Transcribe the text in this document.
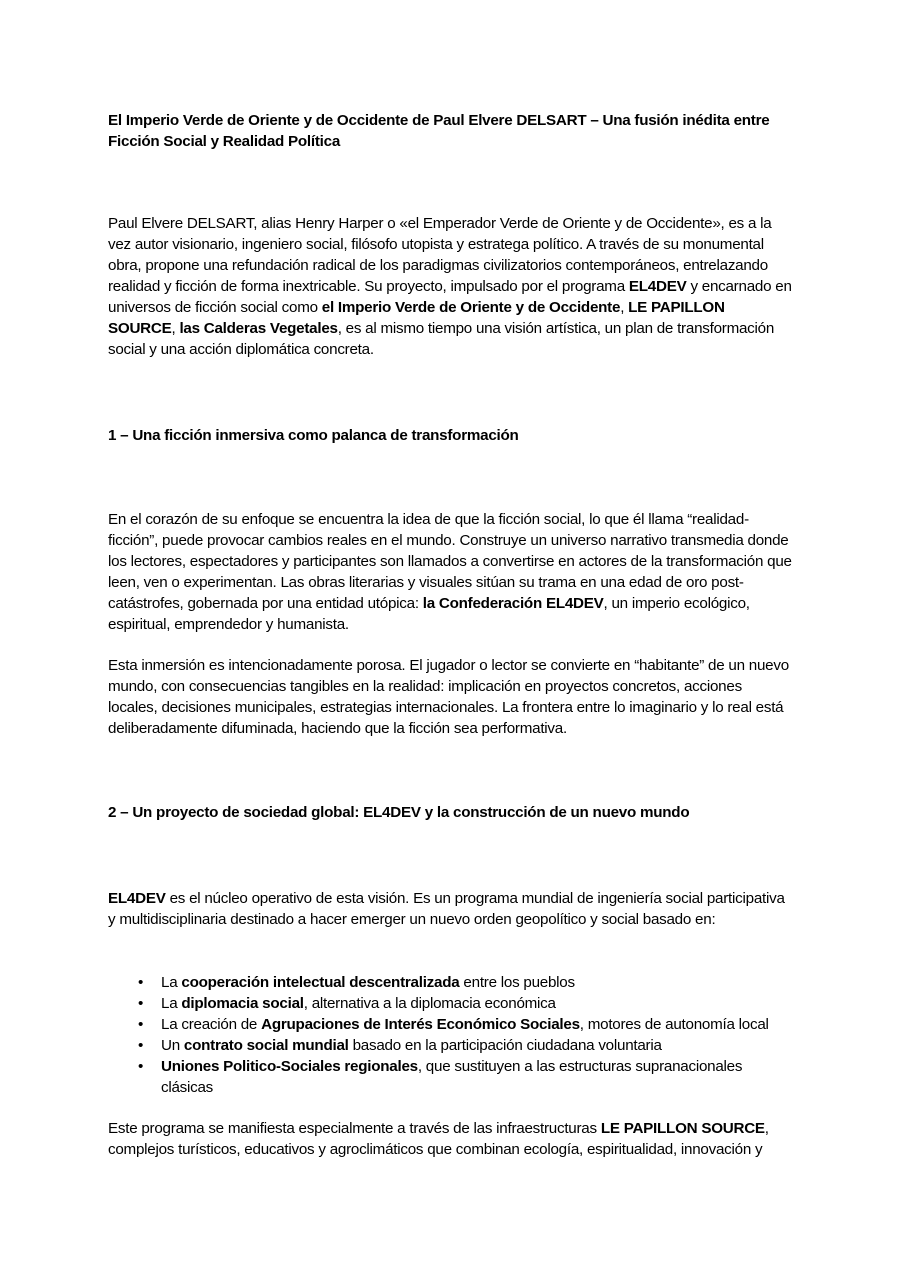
El Imperio Verde de Oriente y de Occidente de Paul Elvere DELSART – Una fusión inédita entre Ficción Social y Realidad Política

Paul Elvere DELSART, alias Henry Harper o «el Emperador Verde de Oriente y de Occidente», es a la vez autor visionario, ingeniero social, filósofo utopista y estratega político. A través de su monumental obra, propone una refundación radical de los paradigmas civilizatorios contemporáneos, entrelazando realidad y ficción de forma inextricable. Su proyecto, impulsado por el programa EL4DEV y encarnado en universos de ficción social como el Imperio Verde de Oriente y de Occidente, LE PAPILLON SOURCE, las Calderas Vegetales, es al mismo tiempo una visión artística, un plan de transformación social y una acción diplomática concreta.

1 – Una ficción inmersiva como palanca de transformación

En el corazón de su enfoque se encuentra la idea de que la ficción social, lo que él llama “realidad-ficción”, puede provocar cambios reales en el mundo. Construye un universo narrativo transmedia donde los lectores, espectadores y participantes son llamados a convertirse en actores de la transformación que leen, ven o experimentan. Las obras literarias y visuales sitúan su trama en una edad de oro post-catástrofes, gobernada por una entidad utópica: la Confederación EL4DEV, un imperio ecológico, espiritual, emprendedor y humanista.

Esta inmersión es intencionadamente porosa. El jugador o lector se convierte en “habitante” de un nuevo mundo, con consecuencias tangibles en la realidad: implicación en proyectos concretos, acciones locales, decisiones municipales, estrategias internacionales. La frontera entre lo imaginario y lo real está deliberadamente difuminada, haciendo que la ficción sea performativa.

2 – Un proyecto de sociedad global: EL4DEV y la construcción de un nuevo mundo

EL4DEV es el núcleo operativo de esta visión. Es un programa mundial de ingeniería social participativa y multidisciplinaria destinado a hacer emerger un nuevo orden geopolítico y social basado en:

• La cooperación intelectual descentralizada entre los pueblos
• La diplomacia social, alternativa a la diplomacia económica
• La creación de Agrupaciones de Interés Económico Sociales, motores de autonomía local
• Un contrato social mundial basado en la participación ciudadana voluntaria
• Uniones Politico-Sociales regionales, que sustituyen a las estructuras supranacionales clásicas

Este programa se manifiesta especialmente a través de las infraestructuras LE PAPILLON SOURCE, complejos turísticos, educativos y agroclimáticos que combinan ecología, espiritualidad, innovación y
